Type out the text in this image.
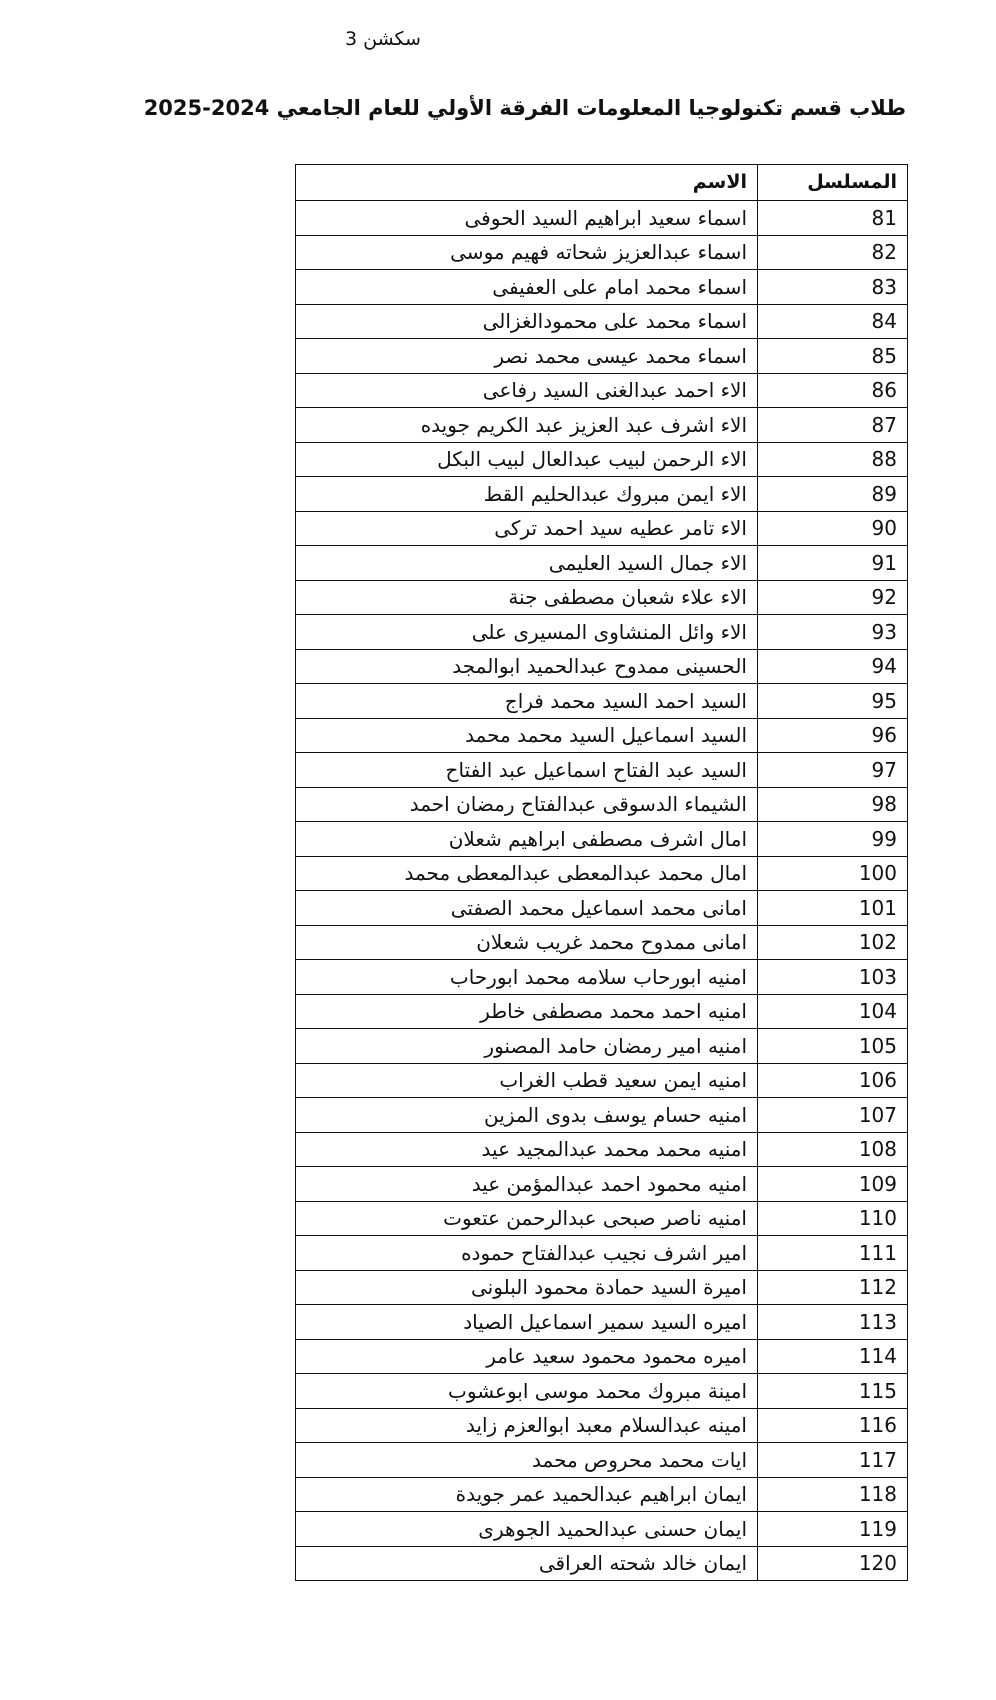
سكشن 3
طلاب قسم تكنولوجيا المعلومات الفرقة الأولي للعام الجامعي 2024-2025
المسلسل	الاسم
81	اسماء سعيد ابراهيم السيد الحوفى
82	اسماء عبدالعزيز شحاته فهيم موسى
83	اسماء محمد امام على العفيفى
84	اسماء محمد على محمودالغزالى
85	اسماء محمد عيسى محمد نصر
86	الاء احمد عبدالغنى السيد رفاعى
87	الاء اشرف عبد العزيز عبد الكريم جويده
88	الاء الرحمن لبيب عبدالعال لبيب البكل
89	الاء ايمن مبروك عبدالحليم القط
90	الاء تامر عطيه سيد احمد تركى
91	الاء جمال السيد العليمى
92	الاء علاء شعبان مصطفى جنة
93	الاء وائل المنشاوى المسيرى على
94	الحسينى ممدوح عبدالحميد ابوالمجد
95	السيد احمد السيد محمد فراج
96	السيد اسماعيل السيد محمد محمد
97	السيد عبد الفتاح اسماعيل عبد الفتاح
98	الشيماء الدسوقى عبدالفتاح رمضان احمد
99	امال اشرف مصطفى ابراهيم شعلان
100	امال محمد عبدالمعطى عبدالمعطى محمد
101	امانى محمد اسماعيل محمد الصفتى
102	امانى ممدوح محمد غريب شعلان
103	امنيه ابورحاب سلامه محمد ابورحاب
104	امنيه احمد محمد مصطفى خاطر
105	امنيه امير رمضان حامد المصنور
106	امنيه ايمن سعيد قطب الغراب
107	امنيه حسام يوسف بدوى المزين
108	امنيه محمد محمد عبدالمجيد عيد
109	امنيه محمود احمد عبدالمؤمن عيد
110	امنيه ناصر صبحى عبدالرحمن عتعوت
111	امير اشرف نجيب عبدالفتاح حموده
112	اميرة السيد حمادة محمود البلونى
113	اميره السيد سمير اسماعيل الصياد
114	اميره محمود محمود سعيد عامر
115	امينة مبروك محمد موسى ابوعشوب
116	امينه عبدالسلام معبد ابوالعزم زايد
117	ايات محمد محروص محمد
118	ايمان ابراهيم عبدالحميد عمر جويدة
119	ايمان حسنى عبدالحميد الجوهرى
120	ايمان خالد شحته العراقى
